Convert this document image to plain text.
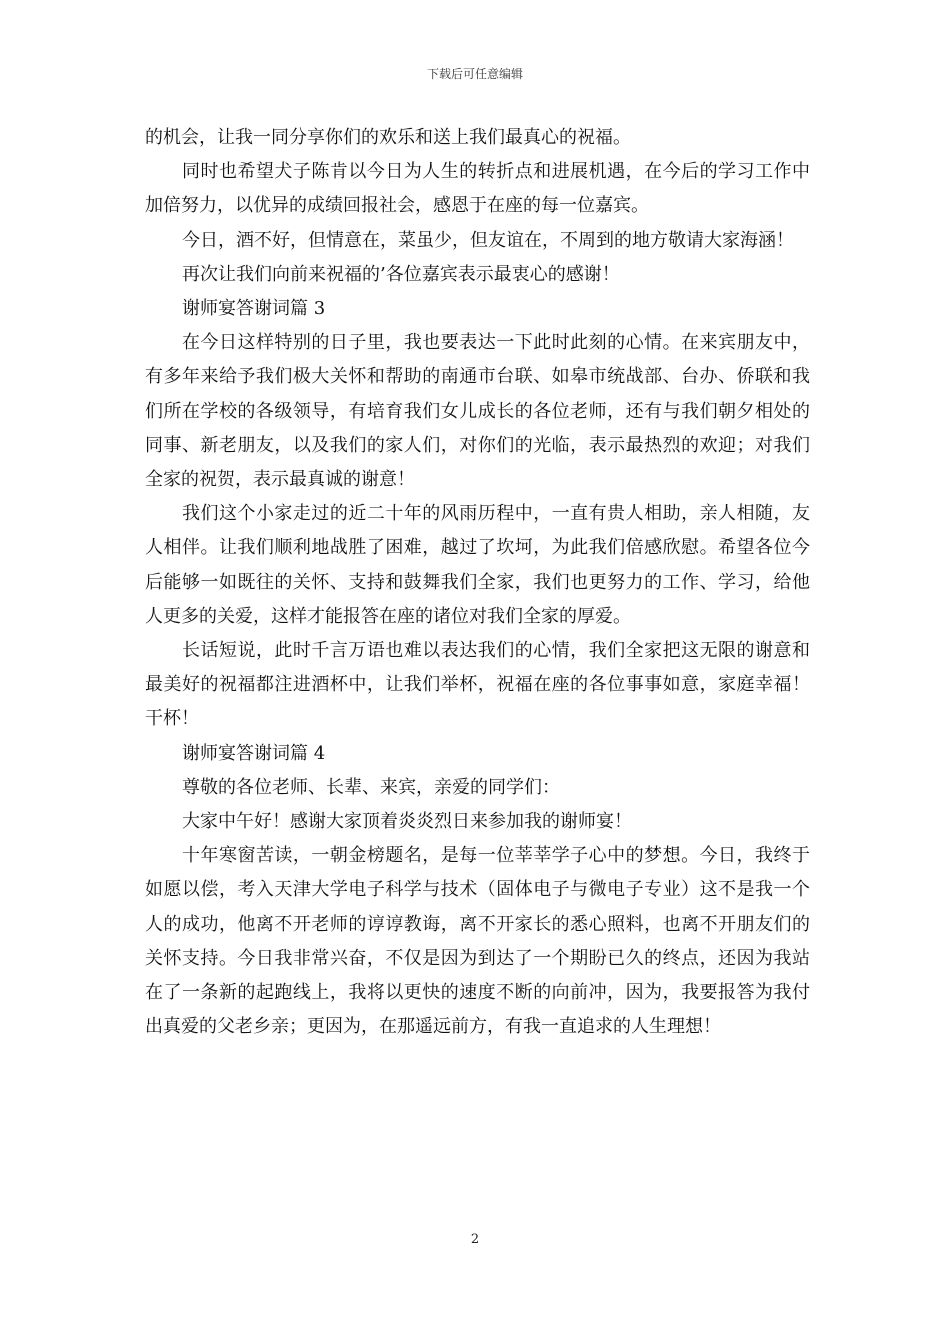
下载后可任意编辑

的机会，让我一同分享你们的欢乐和送上我们最真心的祝福。

同时也希望犬子陈肯以今日为人生的转折点和进展机遇，在今后的学习工作中加倍努力，以优异的成绩回报社会，感恩于在座的每一位嘉宾。

今日，酒不好，但情意在，菜虽少，但友谊在，不周到的地方敬请大家海涵！

再次让我们向前来祝福的’各位嘉宾表示最衷心的感谢！

谢师宴答谢词篇 3

在今日这样特别的日子里，我也要表达一下此时此刻的心情。在来宾朋友中，有多年来给予我们极大关怀和帮助的南通市台联、如皋市统战部、台办、侨联和我们所在学校的各级领导，有培育我们女儿成长的各位老师，还有与我们朝夕相处的同事、新老朋友，以及我们的家人们，对你们的光临，表示最热烈的欢迎；对我们全家的祝贺，表示最真诚的谢意！

我们这个小家走过的近二十年的风雨历程中，一直有贵人相助，亲人相随，友人相伴。让我们顺利地战胜了困难，越过了坎坷，为此我们倍感欣慰。希望各位今后能够一如既往的关怀、支持和鼓舞我们全家，我们也更努力的工作、学习，给他人更多的关爱，这样才能报答在座的诸位对我们全家的厚爱。

长话短说，此时千言万语也难以表达我们的心情，我们全家把这无限的谢意和最美好的祝福都注进酒杯中，让我们举杯，祝福在座的各位事事如意，家庭幸福！干杯！

谢师宴答谢词篇 4

尊敬的各位老师、长辈、来宾，亲爱的同学们：

大家中午好！感谢大家顶着炎炎烈日来参加我的谢师宴！

十年寒窗苦读，一朝金榜题名，是每一位莘莘学子心中的梦想。今日，我终于如愿以偿，考入天津大学电子科学与技术（固体电子与微电子专业）这不是我一个人的成功，他离不开老师的谆谆教诲，离不开家长的悉心照料，也离不开朋友们的关怀支持。今日我非常兴奋，不仅是因为到达了一个期盼已久的终点，还因为我站在了一条新的起跑线上，我将以更快的速度不断的向前冲，因为，我要报答为我付出真爱的父老乡亲；更因为，在那遥远前方，有我一直追求的人生理想！

2
